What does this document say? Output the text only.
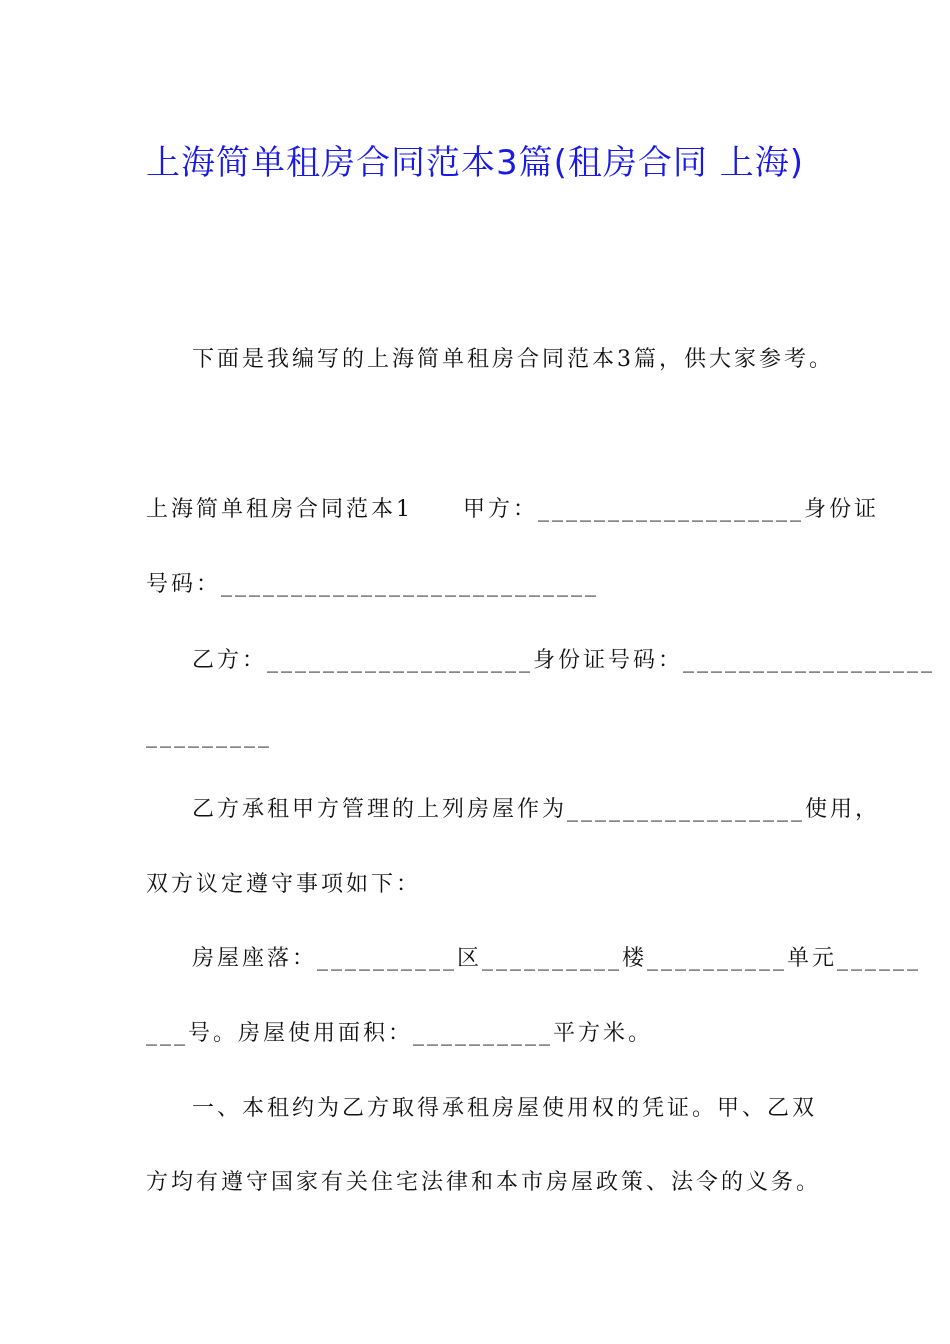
上海简单租房合同范本3篇(租房合同 上海)

下面是我编写的上海简单租房合同范本3篇，供大家参考。

上海简单租房合同范本1　　甲方：___________________身份证

号码：___________________________

乙方：___________________身份证号码：__________________

_________

乙方承租甲方管理的上列房屋作为_________________使用，

双方议定遵守事项如下：

房屋座落：__________区__________楼__________单元______

___号。房屋使用面积：__________平方米。

一、本租约为乙方取得承租房屋使用权的凭证。甲、乙双

方均有遵守国家有关住宅法律和本市房屋政策、法令的义务。
